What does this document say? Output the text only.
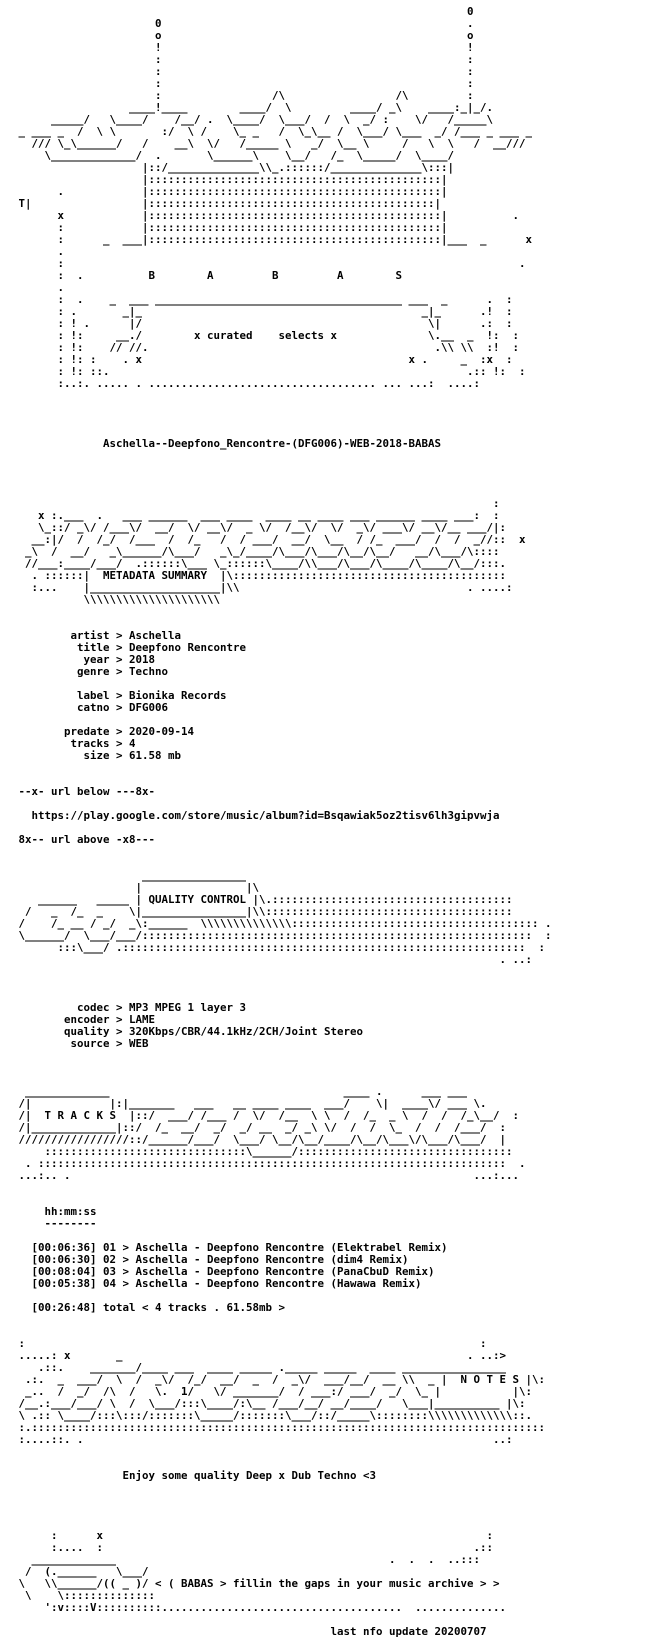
0
0                                               .
o                                               o
!                                               !
:                                               :
:                                               :
:                                               :
:                 /\                 /\         :
____!____        ____/  \         ____/ _\    ____:_|_/.
_____/   \____/    /__/ .  \____/  \___/  /  \  _/ :    \/   /_____\
_ ___ _  /  \ \       :/  \ /    \_ _   /  \_\__ /  \___/ \___  _/ /___ _ ___ _
/// \_\______/   /    __\  \/   /_____ \   _/  \__ \     /   \  \   /  __///
\_____________/  .       \______\    \__/   /_  \_____/  \____/
|::/______________\\_.::::::/______________\:::|
|:::::::::::::::::::::::::::::::::::::::::::::|
.            |:::::::::::::::::::::::::::::::::::::::::::::|
T|                 |::::::::::::::::::::::::::::::::::::::::::::|
x            |:::::::::::::::::::::::::::::::::::::::::::::|          .
:            |:::::::::::::::::::::::::::::::::::::::::::::|
:      _  ___|:::::::::::::::::::::::::::::::::::::::::::::|___  _      x
.
:                                                                      .
:  .          B        A         B         A        S
.
:  .    _  ___ ______________________________________ ___  _      .  :
: .       _|_                                           _|_      .!  :
: ! .      |/                                            \|      .:  :
: !:     __./        x curated    selects x              \.__  _  !:  :
: !:    // //.                                            .\\ \\  :!  :
: !: :    . x                                         x .     _  :x  :
: !: ::.                                                       .:: !:  :
:..:. ..... . ................................... ... ...:  ....:

Aschella--Deepfono_Rencontre-(DFG006)-WEB-2018-BABAS

:
x :.___  .   ___ ______  ___ ____  ____ __ ____ ___ ______ ____ ___:  :
\_::/ _\/ /___\/  __/  \/ __\/  _ \/  /__\/  \/  _\/ ___\/ __\/__ ___/|:
__:|/  /  /_/  /___  /  /_   /  / ___/  __/  \__  / /_  ___/  /  /  _//::  x
_\  /  __/   _\______/\___/   _\_/____/\___/\___/\__/\__/   __/\___/\::::
//___:____/___/  .::::::\___ \_::::::\____/\\___/\___/\____/\____/\__/:::.
. ::::::|  METADATA SUMMARY  |\::::::::::::::::::::::::::::::::::::::::::
:...    |____________________|\\                                   . ....:
\\\\\\\\\\\\\\\\\\\\\

artist > Aschella
title > Deepfono Rencontre
year > 2018
genre > Techno

label > Bionika Records
catno > DFG006

predate > 2020-09-14
tracks > 4
size > 61.58 mb

--x- url below ---8x-

https://play.google.com/store/music/album?id=Bsqawiak5oz2tisv6lh3gipvwja

8x-- url above -x8---

________________
|                |\
______   _____ | QUALITY CONTROL |\.:::::::::::::::::::::::::::::::::::::
/   _  /_  _    \|________________|\\::::::::::::::::::::::::::::::::::::::
/    /_ __ / _/  _\:______  \\\\\\\\\\\\\\:::::::::::::::::::::::::::::::::::::: .
\______/  \___/___/::::::::::::::::::::::::::::::::::::::::::::::::::::::::::::  :
:::\___/ .::::::::::::::::::::::::::::::::::::::::::::::::::::::::::::::  :
. ..:

codec > MP3 MPEG 1 layer 3
encoder > LAME
quality > 320Kbps/CBR/44.1kHz/2CH/Joint Stereo
source > WEB

_____________                                    ____ .      ___ ___
/|            |:|_______   ___   __ ____ ____  ___/    \|  ____\/ ___ \.
/|  T R A C K S  |::/  ___/ /___ /  \/  /__  \ \  /  /_  _ \  /  /  /_\__/  :
/|_____________|::/  /_  __/  _/  _/ __  _/ _\ \/  /  /  \_  /  /  /___/  :
/////////////////::/______/___/  \___/ \__/\__/____/\__/\___\/\___/\___/  |
:::::::::::::::::::::::::::::::\______/:::::::::::::::::::::::::::::::::
. ::::::::::::::::::::::::::::::::::::::::::::::::::::::::::::::::::::::::  .
...:.. .                                                              ...:...

hh:mm:ss
--------

[00:06:36] 01 > Aschella - Deepfono Rencontre (Elektrabel Remix)
[00:06:30] 02 > Aschella - Deepfono Rencontre (dim4 Remix)
[00:08:04] 03 > Aschella - Deepfono Rencontre (PanaCbuD Remix)
[00:05:38] 04 > Aschella - Deepfono Rencontre (Hawawa Remix)

[00:26:48] total < 4 tracks . 61.58mb >

:                                                                      :
.....: x       _                                                     . ..:>
.::.    _______/____ ___  ____ _____ ._____ _____  ____ ________________
.:.  _  ___/  \  /  _\/  /_/  __/  _  /  _\/  ___/__/  __ \\  _ |  N O T E S |\:
_..  /  _/  /\  /   \.  1/   \/ _______/  / ___:/ ___/  _/  \_ |           |\:
/__.:___/___/ \  /  \___/:::\____/:\__ /___/__/ __/____/   \___|__________ |\:
\ .:: \____/:::\:::/:::::::\_____/:::::::\___/::/_____\::::::::\\\\\\\\\\\\\::.
:.:::::::::::::::::::::::::::::::::::::::::::::::::::::::::::::::::::::::::::::::
:....::. .                                                               ..:

Enjoy some quality Deep x Dub Techno <3

:      x                                                           :
:....  :                                                         .::
_____________                                          .  .  .  ..:::
/  (.______   \___/
\   \\______/(( _ )/ < ( BABAS > fillin the gaps in your music archive > >
\    \::::::::::::::
':v::::V::::::::::.....................................  ..............

last nfo update 20200707
